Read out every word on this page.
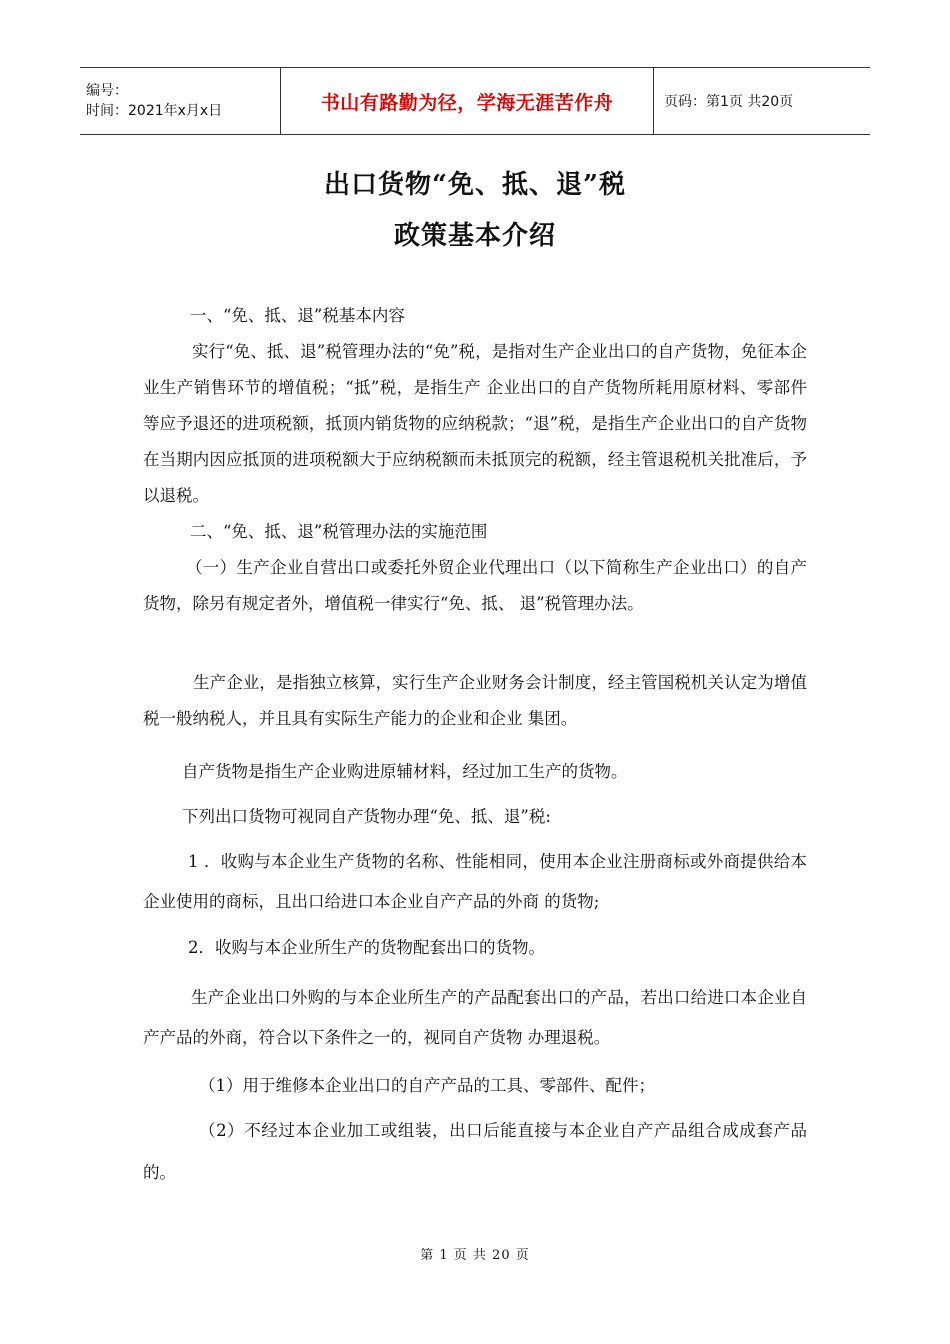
编号：
时间：2021年x月x日	书山有路勤为径，学海无涯苦作舟	页码：第1页 共20页
出口货物“免、抵、退”税
政策基本介绍
一、“免、抵、退”税基本内容
实行“免、抵、退”税管理办法的“免”税，是指对生产企业出口的自产货物，免征本企业生产销售环节的增值税；“抵”税，是指生产 企业出口的自产货物所耗用原材料、零部件等应予退还的进项税额，抵顶内销货物的应纳税款；“退”税，是指生产企业出口的自产货物 在当期内因应抵顶的进项税额大于应纳税额而未抵顶完的税额，经主管退税机关批准后，予以退税。
二、“免、抵、退”税管理办法的实施范围
（一）生产企业自营出口或委托外贸企业代理出口（以下简称生产企业出口）的自产货物，除另有规定者外，增值税一律实行“免、抵、 退”税管理办法。
生产企业，是指独立核算，实行生产企业财务会计制度，经主管国税机关认定为增值税一般纳税人，并且具有实际生产能力的企业和企业 集团。
自产货物是指生产企业购进原辅材料，经过加工生产的货物。
下列出口货物可视同自产货物办理“免、抵、退”税:
1 ．收购与本企业生产货物的名称、性能相同，使用本企业注册商标或外商提供给本企业使用的商标，且出口给进口本企业自产产品的外商 的货物;
2．收购与本企业所生产的货物配套出口的货物。
生产企业出口外购的与本企业所生产的产品配套出口的产品，若出口给进口本企业自产产品的外商，符合以下条件之一的，视同自产货物 办理退税。
（1）用于维修本企业出口的自产产品的工具、零部件、配件；
（2）不经过本企业加工或组装，出口后能直接与本企业自产产品组合成成套产品的。
第 1 页 共 20 页
